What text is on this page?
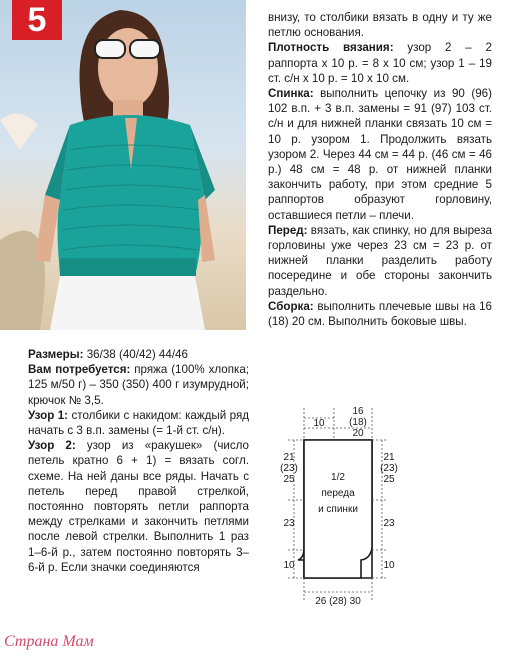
5	внизу, то столбики вязать в одну и ту же петлю основания.

Плотность вязания: узор 2 – 2 раппорта х 10 р. = 8 х 10 см; узор 1 – 19 ст. с/н х 10 р. = 10 х 10 см.

Спинка: выполнить цепочку из 90 (96) 102 в.п. + 3 в.п. замены = 91 (97) 103 ст. с/н и для нижней планки связать 10 см = 10 р. узором 1. Продолжить вязать узором 2. Через 44 см = 44 р. (46 см = 46 р.) 48 см = 48 р. от нижней планки закончить работу, при этом средние 5 раппортов образуют горловину, оставшиеся петли – плечи.

Перед: вязать, как спинку, но для выреза горловины уже через 23 см = 23 р. от нижней планки разделить работу посередине и обе стороны закончить раздельно.

Сборка: выполнить плечевые швы на 16 (18) 20 см. Выполнить боковые швы.

Размеры: 36/38 (40/42) 44/46

Вам потребуется: пряжа (100% хлопка; 125 м/50 г) – 350 (350) 400 г изумрудной; крючок № 3,5.

Узор 1: столбики с накидом: каждый ряд начать с 3 в.п. замены (= 1-й ст. с/н).

Узор 2: узор из «ракушек» (число петель кратно 6 + 1) = вязать согл. схеме. На ней даны все ряды. Начать с петель перед правой стрелкой, постоянно повторять петли раппорта между стрелками и закончить петлями после левой стрелки. Выполнить 1 раз 1–6-й р., затем постоянно повторять 3–6-й р. Если значки соединяются

16
(18)
20
10
21
(23)
25
21
(23)
25
23	23
10	10
1/2
переда
и спинки
26 (28) 30
Страна Мам
